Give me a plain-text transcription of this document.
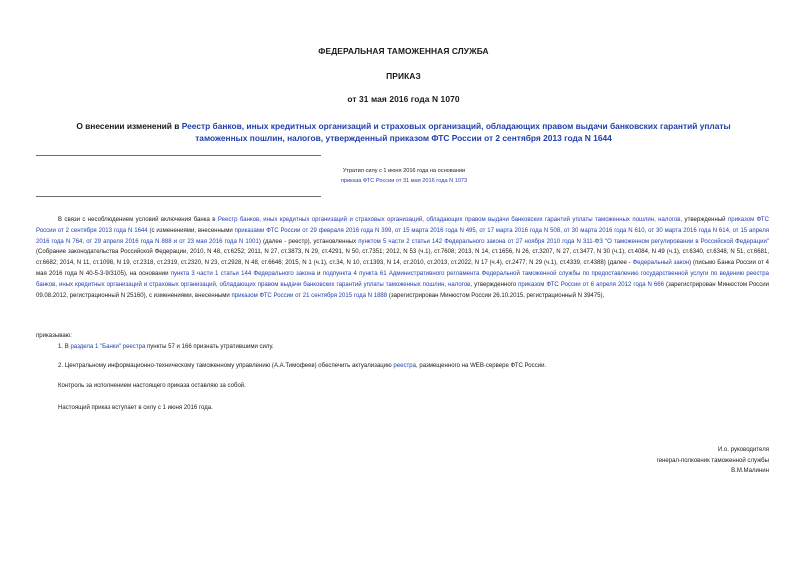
ФЕДЕРАЛЬНАЯ ТАМОЖЕННАЯ СЛУЖБА
ПРИКАЗ
от 31 мая 2016 года N 1070
О внесении изменений в Реестр банков, иных кредитных организаций и страховых организаций, обладающих правом выдачи банковских гарантий уплаты таможенных пошлин, налогов, утвержденный приказом ФТС России от 2 сентября 2013 года N 1644
Утратил силу с 1 июня 2016 года на основании
приказа ФТС России от 31 мая 2016 года N 1073

В связи с несоблюдением условий включения банка в Реестр банков, иных кредитных организаций и страховых организаций, обладающих правом выдачи банковских гарантий уплаты таможенных пошлин, налогов, утвержденный приказом ФТС России от 2 сентября 2013 года N 1644 (с изменениями, внесенными приказами ФТС России от 29 февраля 2016 года N 399, от 15 марта 2016 года N 495, от 17 марта 2016 года N 508, от 30 марта 2016 года N 610, от 30 марта 2016 года N 614, от 15 апреля 2016 года N 764, от 29 апреля 2016 года N 888 и от 23 мая 2016 года N 1001) (далее - реестр), установленных пунктом 5 части 2 статьи 142 Федерального закона от 27 ноября 2010 года N 311-ФЗ "О таможенном регулировании в Российской Федерации" (Собрание законодательства Российской Федерации, 2010, N 48, ст.6252; 2011, N 27, ст.3873, N 29, ст.4291, N 50, ст.7351; 2012, N 53 (ч.1), ст.7608; 2013, N 14, ст.1656, N 26, ст.3207, N 27, ст.3477, N 30 (ч.1), ст.4084, N 49 (ч.1), ст.6340, ст.6348, N 51, ст.6681, ст.6682; 2014, N 11, ст.1098, N 19, ст.2318, ст.2319, ст.2320, N 23, ст.2928, N 48, ст.6646; 2015, N 1 (ч.1), ст.34, N 10, ст.1393, N 14, ст.2010, ст.2013, ст.2022, N 17 (ч.4), ст.2477, N 29 (ч.1), ст.4339, ст.4388) (далее - Федеральный закон) (письмо Банка России от 4 мая 2016 года N 40-5-3-9/3105), на основании пункта 3 части 1 статьи 144 Федерального закона и подпункта 4 пункта 61 Административного регламента Федеральной таможенной службы по предоставлению государственной услуги по ведению реестра банков, иных кредитных организаций и страховых организаций, обладающих правом выдачи банковских гарантий уплаты таможенных пошлин, налогов, утвержденного приказом ФТС России от 6 апреля 2012 года N 666 (зарегистрирован Минюстом России 09.08.2012, регистрационный N 25160), с изменениями, внесенными приказом ФТС России от 21 сентября 2015 года N 1888 (зарегистрирован Минюстом России 26.10.2015, регистрационный N 39475),

приказываю:
1. В раздела 1 "Банки" реестра пункты 57 и 166 признать утратившими силу.
2. Центральному информационно-техническому таможенному управлению (А.А.Тимофеев) обеспечить актуализацию реестра, размещенного на WEB-сервере ФТС России.
Контроль за исполнением настоящего приказа оставляю за собой.
Настоящий приказ вступает в силу с 1 июня 2016 года.
И.о. руководителя
генерал-полковник таможенной службы
В.М.Малинин
